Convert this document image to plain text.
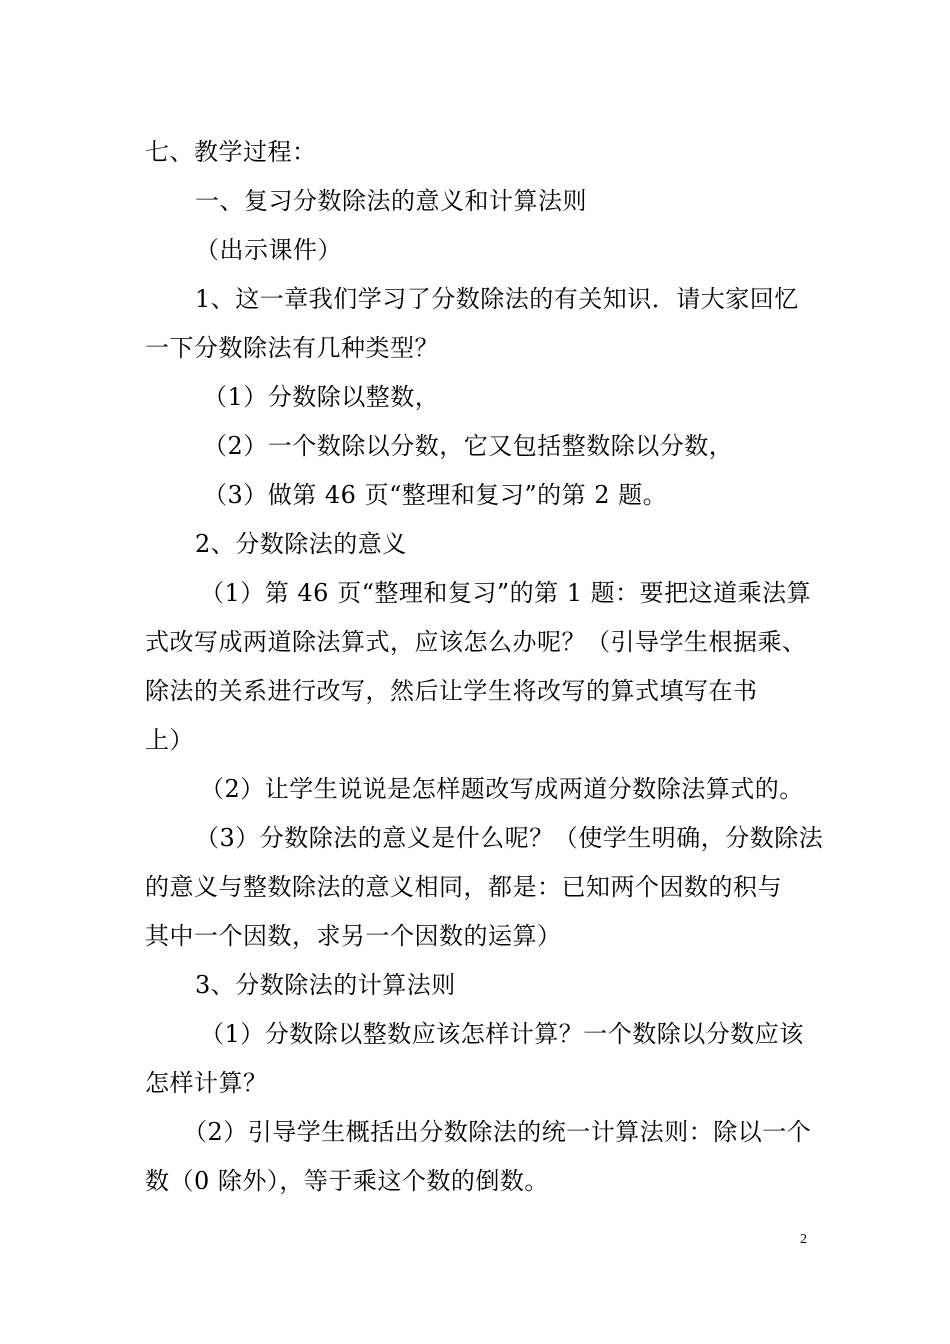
七、教学过程：
一、复习分数除法的意义和计算法则
（出示课件）
1、这一章我们学习了分数除法的有关知识．请大家回忆
一下分数除法有几种类型？
（1）分数除以整数，
（2）一个数除以分数，它又包括整数除以分数，
（3）做第 46 页“整理和复习”的第 2 题。
2、分数除法的意义
（1）第 46 页“整理和复习”的第 1 题：要把这道乘法算
式改写成两道除法算式，应该怎么办呢？（引导学生根据乘、
除法的关系进行改写，然后让学生将改写的算式填写在书
上）
（2）让学生说说是怎样题改写成两道分数除法算式的。
（3）分数除法的意义是什么呢？（使学生明确，分数除法
的意义与整数除法的意义相同，都是：已知两个因数的积与
其中一个因数，求另一个因数的运算）
3、分数除法的计算法则
（1）分数除以整数应该怎样计算？一个数除以分数应该
怎样计算？
（2）引导学生概括出分数除法的统一计算法则：除以一个
数（0 除外），等于乘这个数的倒数。
2
